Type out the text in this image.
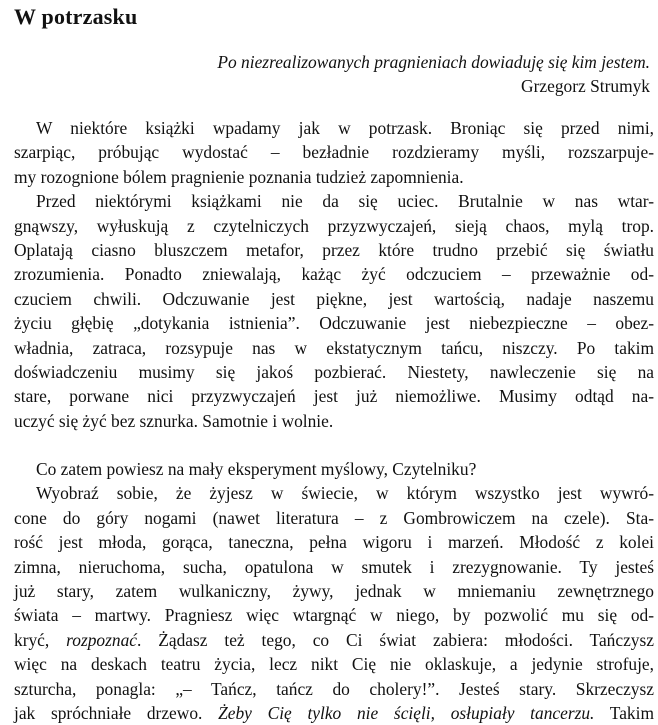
W potrzasku
Po niezrealizowanych pragnieniach dowiaduję się kim jestem.
Grzegorz Strumyk
W niektóre książki wpadamy jak w potrzask. Broniąc się przed nimi,
szarpiąc, próbując wydostać – bezładnie rozdzieramy myśli, rozszarpuje-
my rozognione bólem pragnienie poznania tudzież zapomnienia.
Przed niektórymi książkami nie da się uciec. Brutalnie w nas wtar-
gnąwszy, wyłuskują z czytelniczych przyzwyczajeń, sieją chaos, mylą trop.
Oplatają ciasno bluszczem metafor, przez które trudno przebić się światłu
zrozumienia. Ponadto zniewalają, każąc żyć odczuciem – przeważnie od-
czuciem chwili. Odczuwanie jest piękne, jest wartością, nadaje naszemu
życiu głębię „dotykania istnienia”. Odczuwanie jest niebezpieczne – obez-
władnia, zatraca, rozsypuje nas w ekstatycznym tańcu, niszczy. Po takim
doświadczeniu musimy się jakoś pozbierać. Niestety, nawleczenie się na
stare, porwane nici przyzwyczajeń jest już niemożliwe. Musimy odtąd na-
uczyć się żyć bez sznurka. Samotnie i wolnie.
Co zatem powiesz na mały eksperyment myślowy, Czytelniku?
Wyobraź sobie, że żyjesz w świecie, w którym wszystko jest wywró-
cone do góry nogami (nawet literatura – z Gombrowiczem na czele). Sta-
rość jest młoda, gorąca, taneczna, pełna wigoru i marzeń. Młodość z kolei
zimna, nieruchoma, sucha, opatulona w smutek i zrezygnowanie. Ty jesteś
już stary, zatem wulkaniczny, żywy, jednak w mniemaniu zewnętrznego
świata – martwy. Pragniesz więc wtargnąć w niego, by pozwolić mu się od-
kryć, rozpoznać. Żądasz też tego, co Ci świat zabiera: młodości. Tańczysz
więc na deskach teatru życia, lecz nikt Cię nie oklaskuje, a jedynie strofuje,
szturcha, ponagla: „– Tańcz, tańcz do cholery!”. Jesteś stary. Skrzeczysz
jak spróchniałe drzewo. Żeby Cię tylko nie ścięli, osłupiały tancerzu. Takim
